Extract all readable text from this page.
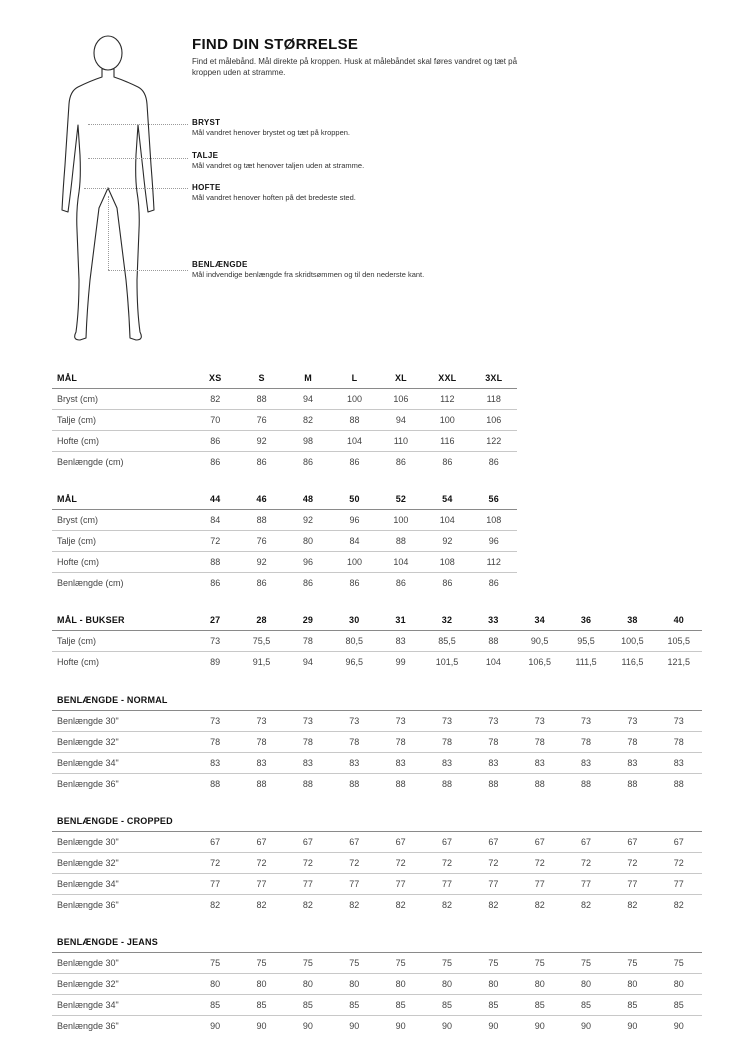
FIND DIN STØRRELSE

Find et målebånd. Mål direkte på kroppen. Husk at målebåndet skal føres vandret og tæt på kroppen uden at stramme.

BRYST
Mål vandret henover brystet og tæt på kroppen.
TALJE
Mål vandret og tæt henover taljen uden at stramme.
HOFTE
Mål vandret henover hoften på det bredeste sted.
BENLÆNGDE
Mål indvendige benlængde fra skridtsømmen og til den nederste kant.
MÅL	XS	S	M	L	XL	XXL	3XL
Bryst (cm)	82	88	94	100	106	112	118
Talje (cm)	70	76	82	88	94	100	106
Hofte (cm)	86	92	98	104	110	116	122
Benlængde (cm)	86	86	86	86	86	86	86
MÅL	44	46	48	50	52	54	56
Bryst (cm)	84	88	92	96	100	104	108
Talje (cm)	72	76	80	84	88	92	96
Hofte (cm)	88	92	96	100	104	108	112
Benlængde (cm)	86	86	86	86	86	86	86
MÅL - BUKSER	27	28	29	30	31	32	33	34	36	38	40
Talje (cm)	73	75,5	78	80,5	83	85,5	88	90,5	95,5	100,5	105,5
Hofte (cm)	89	91,5	94	96,5	99	101,5	104	106,5	111,5	116,5	121,5
BENLÆNGDE - NORMAL											
Benlængde 30"	73	73	73	73	73	73	73	73	73	73	73
Benlængde 32"	78	78	78	78	78	78	78	78	78	78	78
Benlængde 34"	83	83	83	83	83	83	83	83	83	83	83
Benlængde 36"	88	88	88	88	88	88	88	88	88	88	88
BENLÆNGDE - CROPPED											
Benlængde 30"	67	67	67	67	67	67	67	67	67	67	67
Benlængde 32"	72	72	72	72	72	72	72	72	72	72	72
Benlængde 34"	77	77	77	77	77	77	77	77	77	77	77
Benlængde 36"	82	82	82	82	82	82	82	82	82	82	82
BENLÆNGDE - JEANS											
Benlængde 30"	75	75	75	75	75	75	75	75	75	75	75
Benlængde 32"	80	80	80	80	80	80	80	80	80	80	80
Benlængde 34"	85	85	85	85	85	85	85	85	85	85	85
Benlængde 36"	90	90	90	90	90	90	90	90	90	90	90
